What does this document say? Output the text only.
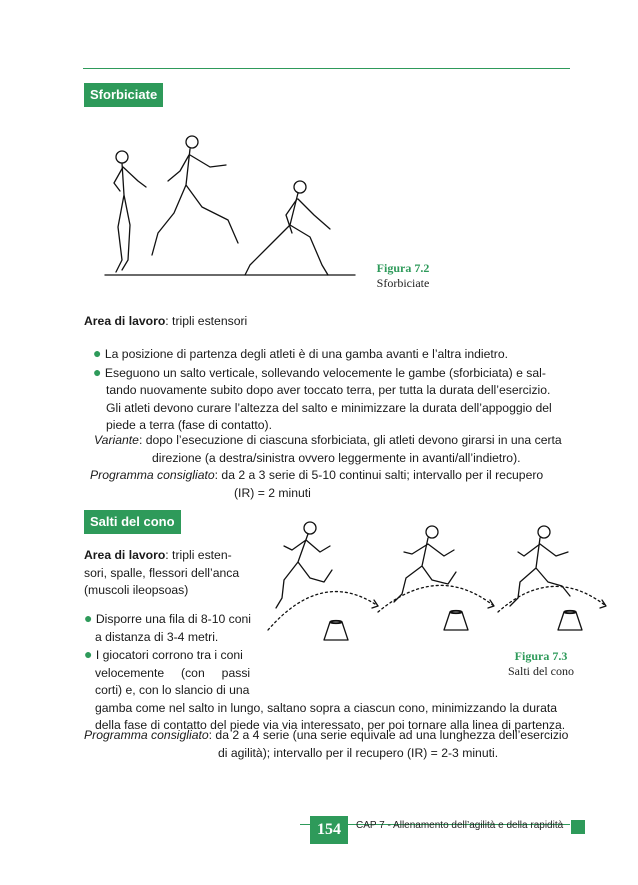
Sforbiciate
Figura 7.2
Sforbiciate
Area di lavoro: tripli estensori
● La posizione di partenza degli atleti è di una gamba avanti e l’altra indietro.
● Eseguono un salto verticale, sollevando velocemente le gambe (sforbiciata) e sal-
tando nuovamente subito dopo aver toccato terra, per tutta la durata dell’esercizio.
Gli atleti devono curare l’altezza del salto e minimizzare la durata dell’appoggio del
piede a terra (fase di contatto).
Variante: dopo l’esecuzione di ciascuna sforbiciata, gli atleti devono girarsi in una certa
direzione (a destra/sinistra ovvero leggermente in avanti/all’indietro).
Programma consigliato: da 2 a 3 serie di 5-10 continui salti; intervallo per il recupero
(IR) = 2 minuti
Salti del cono
Figura 7.3
Salti del cono
Area di lavoro: tripli esten-
sori, spalle, flessori dell’anca
(muscoli ileopsoas)
● Disporre una fila di 8-10 coni
a distanza di 3-4 metri.
● I giocatori corrono tra i coni
velocemente     (con     passi
corti) e, con lo slancio di una
gamba come nel salto in lungo, saltano sopra a ciascun cono, minimizzando la durata
della fase di contatto del piede via via interessato, per poi tornare alla linea di partenza.
Programma consigliato: da 2 a 4 serie (una serie equivale ad una lunghezza dell’esercizio
di agilità); intervallo per il recupero (IR) = 2-3 minuti.
154	CAP 7 - Allenamento dell’agilità e della rapidità
